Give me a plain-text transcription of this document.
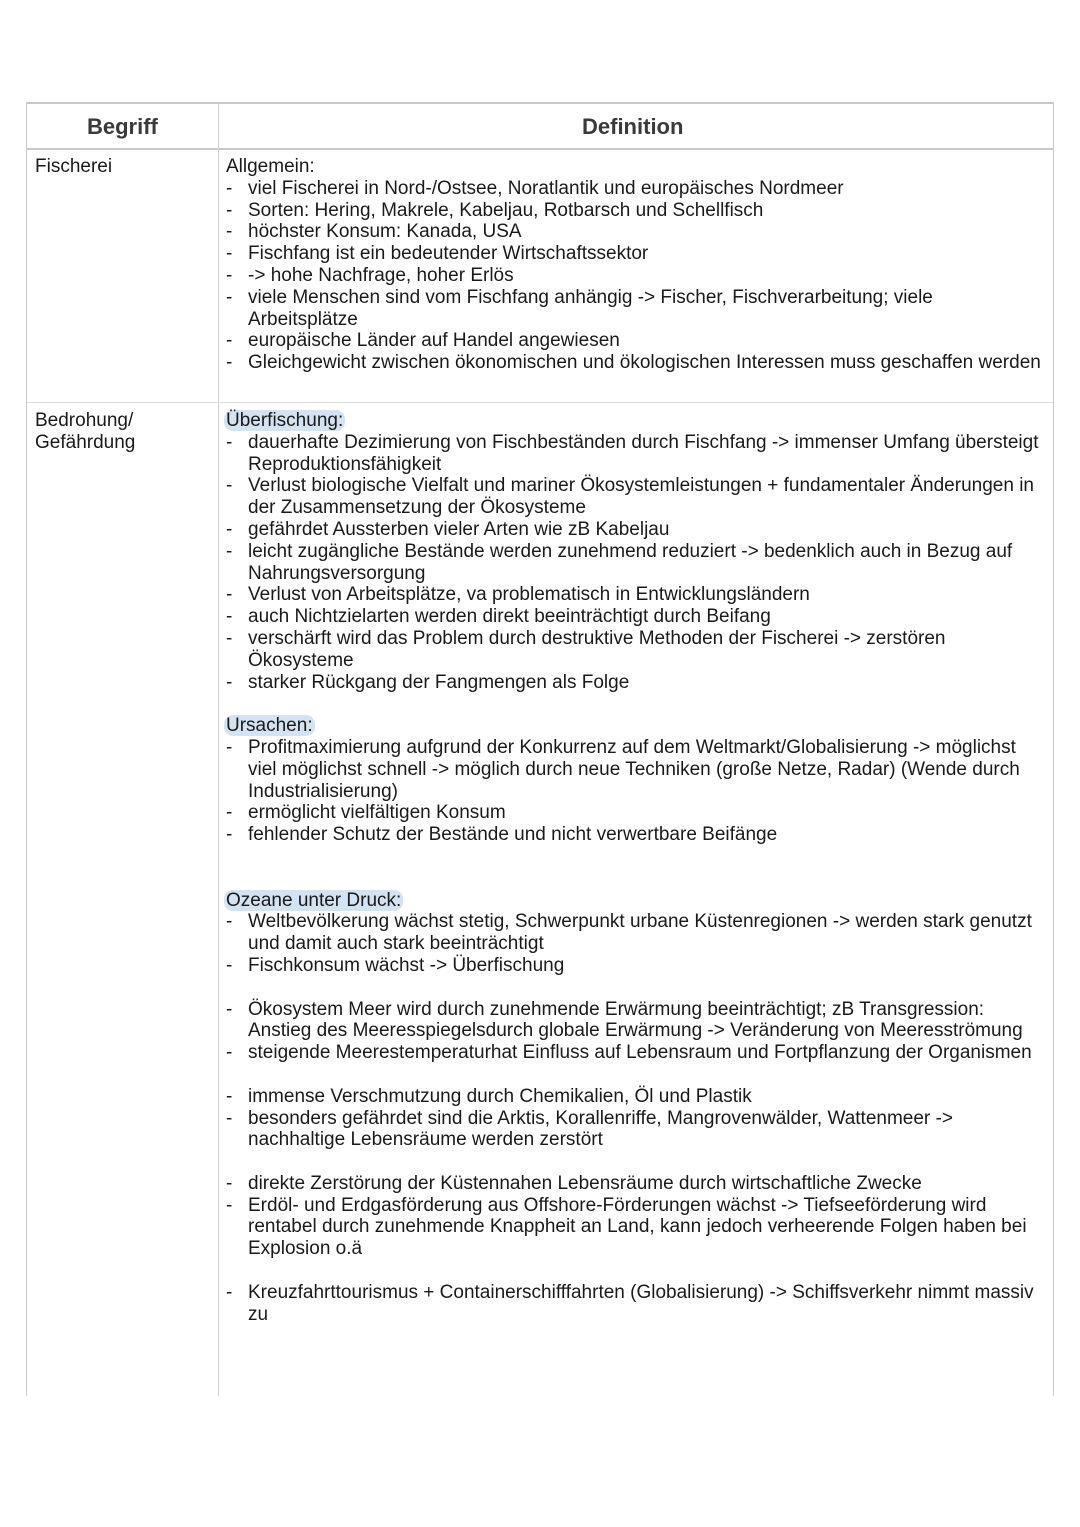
Begriff	Definition
Fischerei	Allgemein:
- viel Fischerei in Nord-/Ostsee, Noratlantik und europäisches Nordmeer
- Sorten: Hering, Makrele, Kabeljau, Rotbarsch und Schellfisch
- höchster Konsum: Kanada, USA
- Fischfang ist ein bedeutender Wirtschaftssektor
- -> hohe Nachfrage, hoher Erlös
- viele Menschen sind vom Fischfang anhängig -> Fischer, Fischverarbeitung; viele Arbeitsplätze
- europäische Länder auf Handel angewiesen
- Gleichgewicht zwischen ökonomischen und ökologischen Interessen muss geschaffen werden
Bedrohung/
Gefährdung
Überfischung:
- dauerhafte Dezimierung von Fischbeständen durch Fischfang -> immenser Umfang übersteigt Reproduktionsfähigkeit
- Verlust biologische Vielfalt und mariner Ökosystemleistungen + fundamentaler Änderungen in der Zusammensetzung der Ökosysteme
- gefährdet Aussterben vieler Arten wie zB Kabeljau
- leicht zugängliche Bestände werden zunehmend reduziert -> bedenklich auch in Bezug auf Nahrungsversorgung
- Verlust von Arbeitsplätze, va problematisch in Entwicklungsländern
- auch Nichtzielarten werden direkt beeinträchtigt durch Beifang
- verschärft wird das Problem durch destruktive Methoden der Fischerei -> zerstören Ökosysteme
- starker Rückgang der Fangmengen als Folge
Ursachen:
- Profitmaximierung aufgrund der Konkurrenz auf dem Weltmarkt/Globalisierung -> möglichst viel möglichst schnell -> möglich durch neue Techniken (große Netze, Radar) (Wende durch Industrialisierung)
- ermöglicht vielfältigen Konsum
- fehlender Schutz der Bestände und nicht verwertbare Beifänge
Ozeane unter Druck:
- Weltbevölkerung wächst stetig, Schwerpunkt urbane Küstenregionen -> werden stark genutzt und damit auch stark beeinträchtigt
- Fischkonsum wächst -> Überfischung
- Ökosystem Meer wird durch zunehmende Erwärmung beeinträchtigt; zB Transgression: Anstieg des Meeresspiegelsdurch globale Erwärmung -> Veränderung von Meeresströmung
- steigende Meerestemperaturhat Einfluss auf Lebensraum und Fortpflanzung der Organismen
- immense Verschmutzung durch Chemikalien, Öl und Plastik
- besonders gefährdet sind die Arktis, Korallenriffe, Mangrovenwälder, Wattenmeer -> nachhaltige Lebensräume werden zerstört
- direkte Zerstörung der Küstennahen Lebensräume durch wirtschaftliche Zwecke
- Erdöl- und Erdgasförderung aus Offshore-Förderungen wächst -> Tiefseeförderung wird rentabel durch zunehmende Knappheit an Land, kann jedoch verheerende Folgen haben bei Explosion o.ä
- Kreuzfahrttourismus + Containerschifffahrten (Globalisierung) -> Schiffsverkehr nimmt massiv zu
